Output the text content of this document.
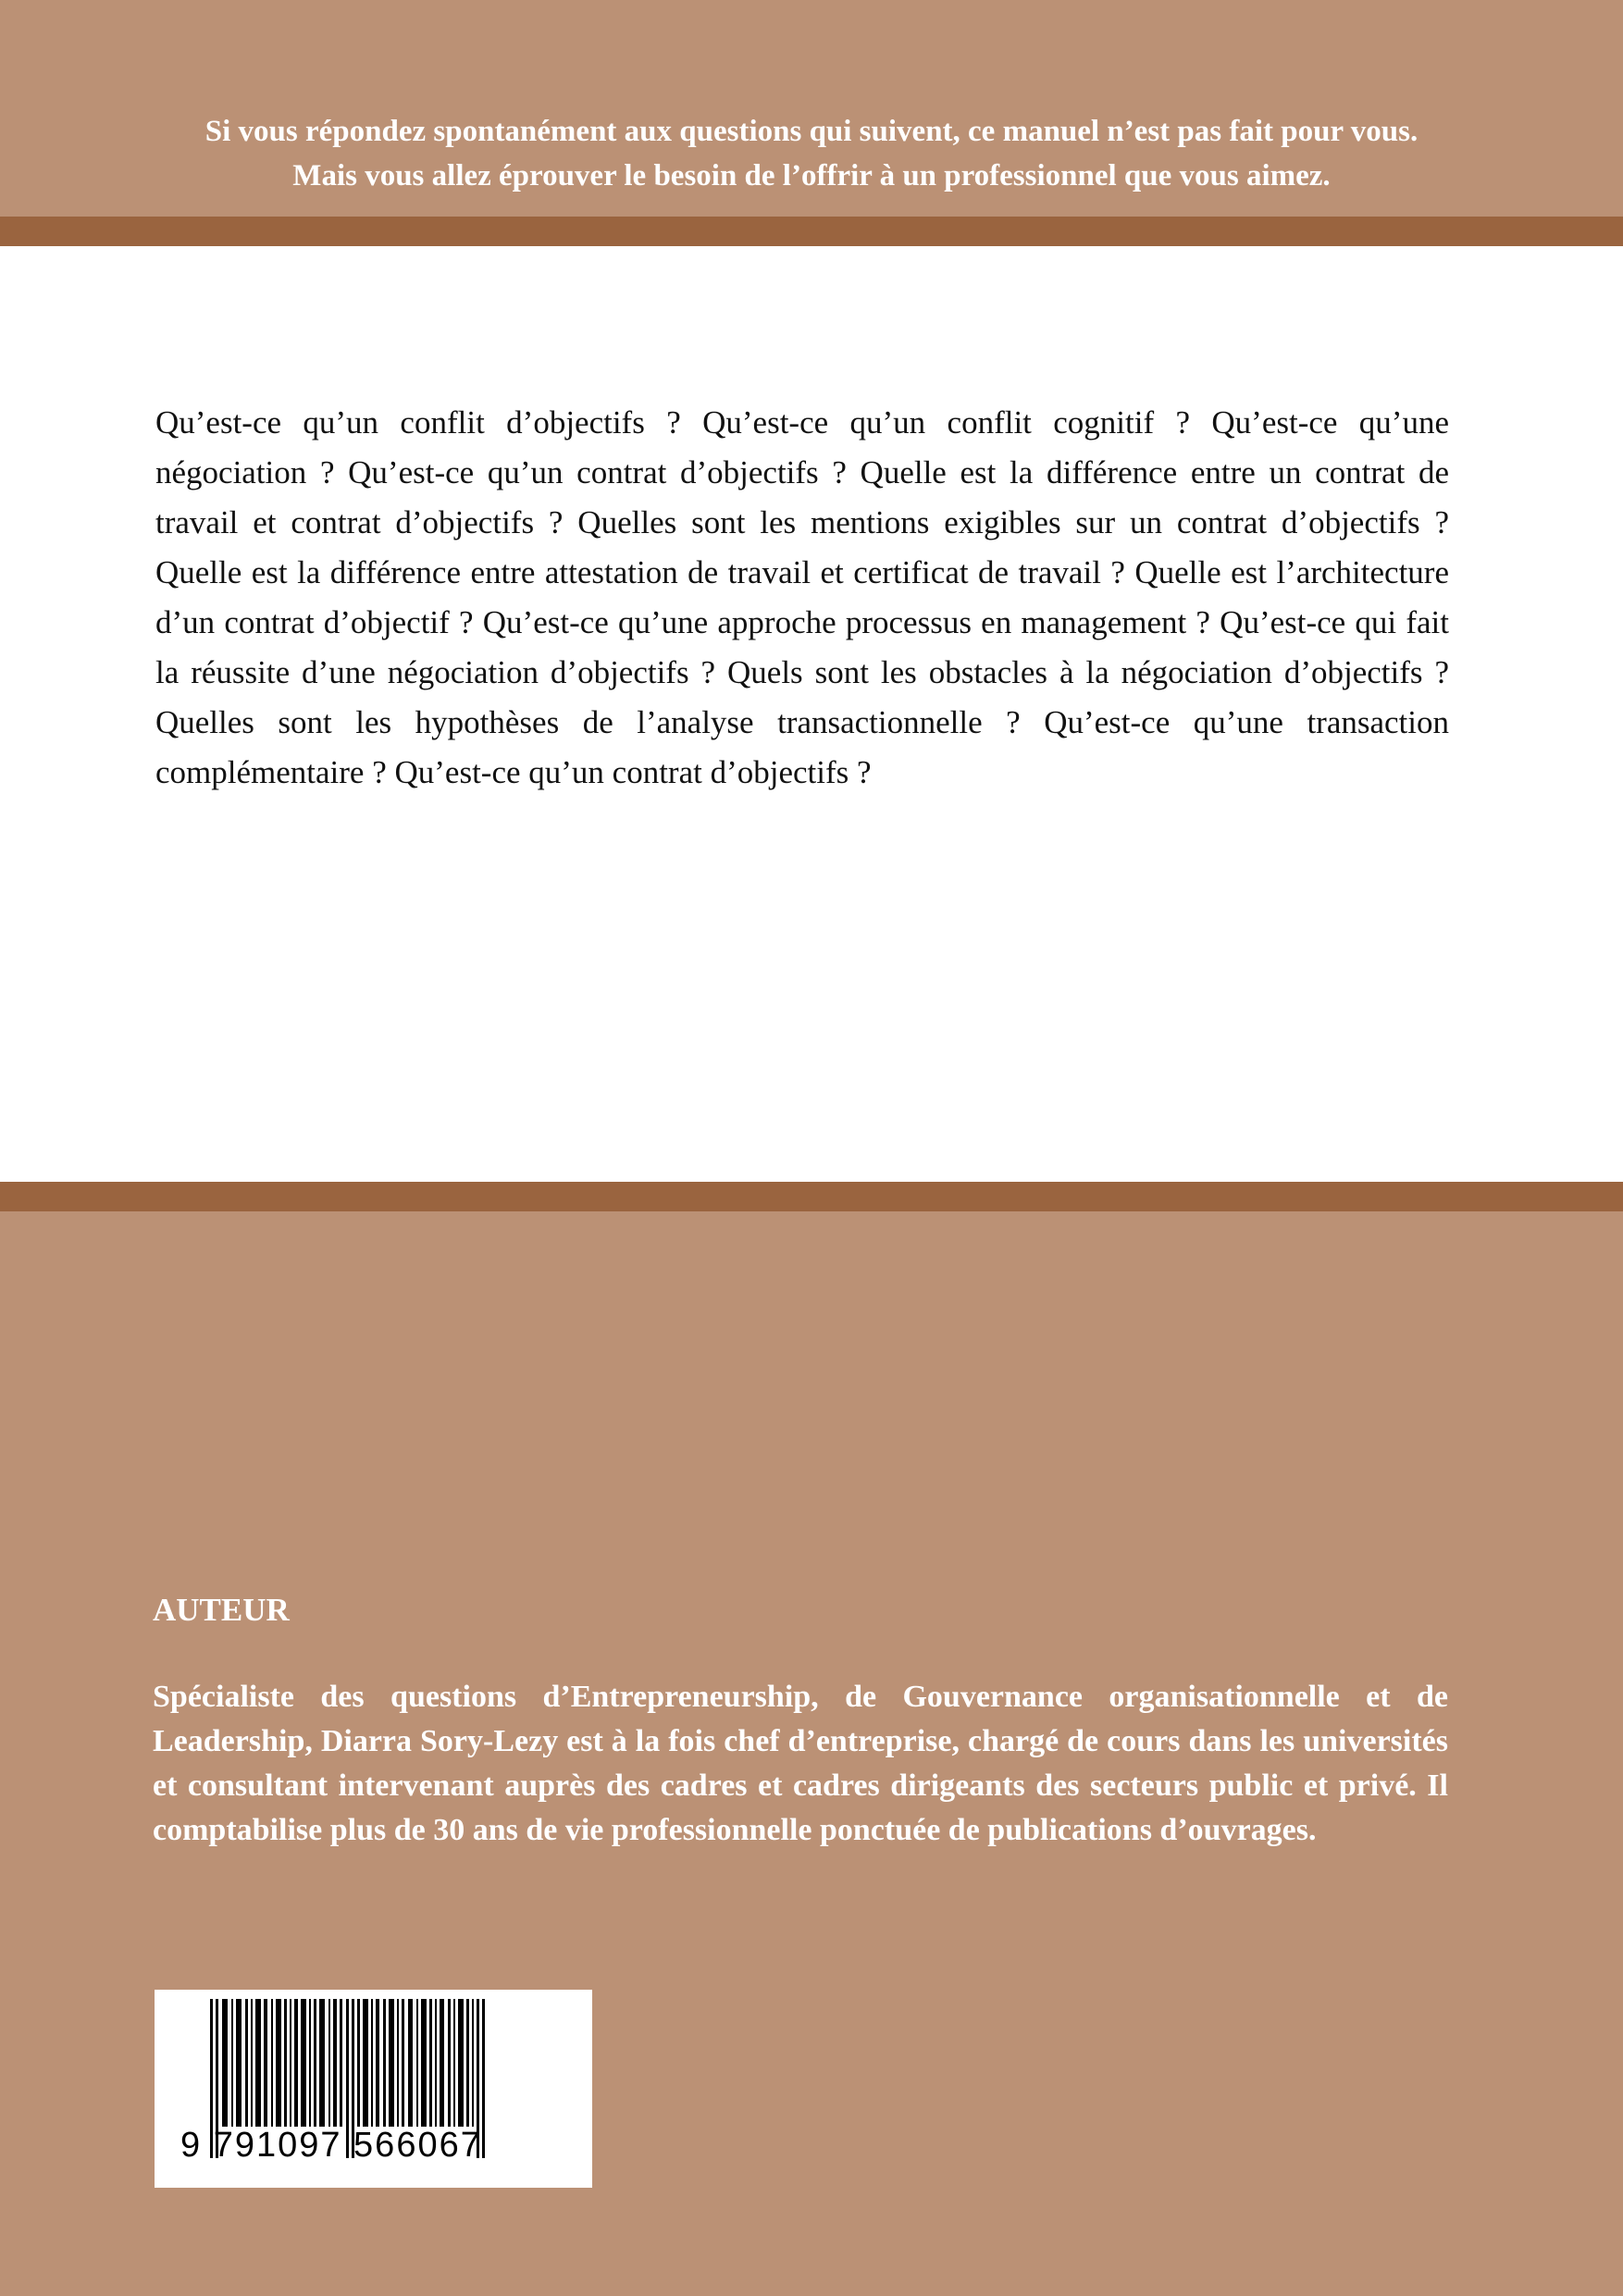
Si vous répondez spontanément aux questions qui suivent, ce manuel n’est pas fait pour vous.
Mais vous allez éprouver le besoin de l’offrir à un professionnel que vous aimez.

Qu’est-ce qu’un conflit d’objectifs ? Qu’est-ce qu’un conflit cognitif ? Qu’est-ce qu’une négociation ? Qu’est-ce qu’un contrat d’objectifs ? Quelle est la différence entre un contrat de travail et contrat d’objectifs ? Quelles sont les mentions exigibles sur un contrat d’objectifs ? Quelle est la différence entre attestation de travail et certificat de travail ? Quelle est l’architecture d’un contrat d’objectif ? Qu’est-ce qu’une approche processus en management ? Qu’est-ce qui fait la réussite d’une négociation d’objectifs ? Quels sont les obstacles à la négociation d’objectifs ? Quelles sont les hypothèses de l’analyse transactionnelle ? Qu’est-ce qu’une transaction complémentaire ? Qu’est-ce qu’un contrat d’objectifs ?

AUTEUR

Spécialiste des questions d’Entrepreneurship, de Gouvernance organisationnelle et de Leadership, Diarra Sory-Lezy est à la fois chef d’entreprise, chargé de cours dans les universités et consultant intervenant auprès des cadres et cadres dirigeants des secteurs public et privé. Il comptabilise plus de 30 ans de vie professionnelle ponctuée de publications d’ouvrages.

9 791097 566067
